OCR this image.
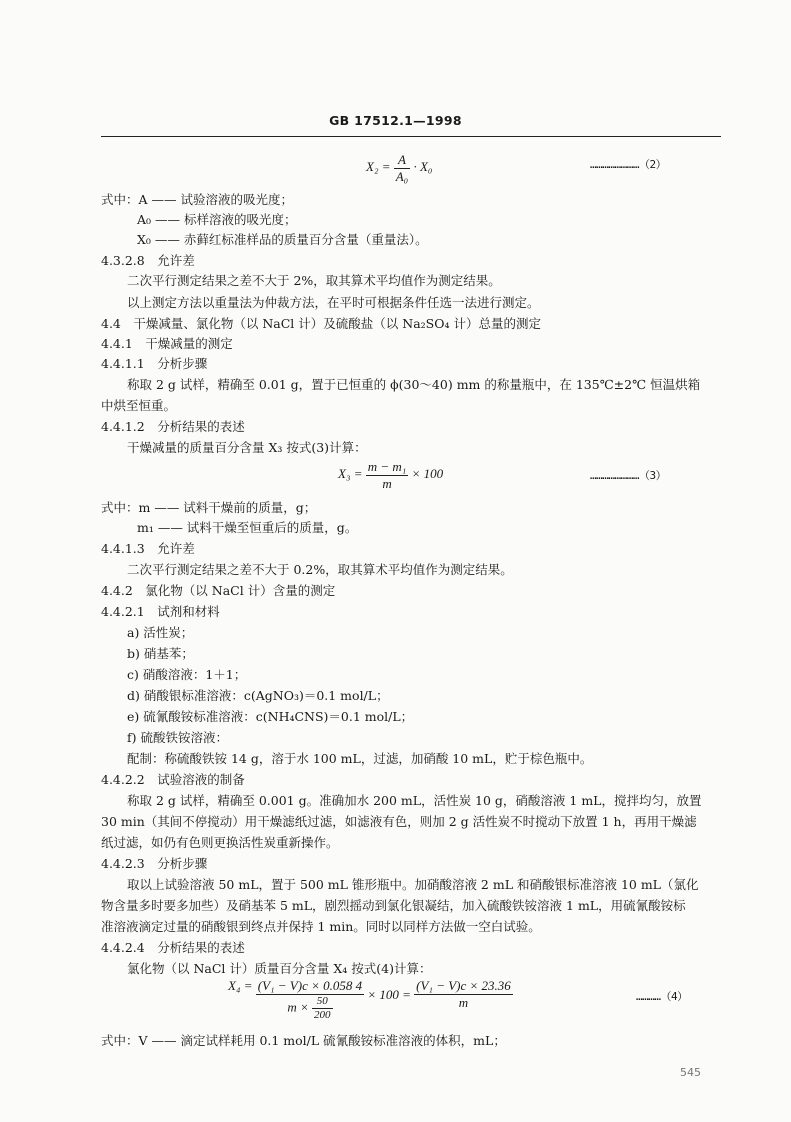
GB 17512.1—1998
$X_2 = \frac{A}{\text{A₀}} \cdot X_0$	……………………（2）
式中：A —— 试验溶液的吸光度；
A₀ —— 标样溶液的吸光度；
X₀ —— 赤藓红标准样品的质量百分含量（重量法）。
4.3.2.8　允许差
二次平行测定结果之差不大于 2%，取其算术平均值作为测定结果。
以上测定方法以重量法为仲裁方法，在平时可根据条件任选一法进行测定。
4.4　干燥减量、氯化物（以 NaCl 计）及硫酸盐（以 Na₂SO₄ 计）总量的测定
4.4.1　干燥减量的测定
4.4.1.1　分析步骤
称取 2 g 试样，精确至 0.01 g，置于已恒重的 ϕ(30～40) mm 的称量瓶中，在 135℃±2℃ 恒温烘箱
中烘至恒重。
4.4.1.2　分析结果的表述
干燥减量的质量百分含量 X₃ 按式(3)计算：
$X_3 = \frac{\text{m − m₁}}{m} \times 100$	……………………（3）
式中：m —— 试料干燥前的质量，g；
m₁ —— 试料干燥至恒重后的质量，g。
4.4.1.3　允许差
二次平行测定结果之差不大于 0.2%，取其算术平均值作为测定结果。
4.4.2　氯化物（以 NaCl 计）含量的测定
4.4.2.1　试剂和材料
a) 活性炭；
b) 硝基苯；
c) 硝酸溶液：1＋1；
d) 硝酸银标准溶液：c(AgNO₃)＝0.1 mol/L；
e) 硫氰酸铵标准溶液：c(NH₄CNS)＝0.1 mol/L；
f) 硫酸铁铵溶液：
配制：称硫酸铁铵 14 g，溶于水 100 mL，过滤，加硝酸 10 mL，贮于棕色瓶中。
4.4.2.2　试验溶液的制备
称取 2 g 试样，精确至 0.001 g。准确加水 200 mL，活性炭 10 g，硝酸溶液 1 mL，搅拌均匀，放置
30 min（其间不停搅动）用干燥滤纸过滤，如滤液有色，则加 2 g 活性炭不时搅动下放置 1 h，再用干燥滤
纸过滤，如仍有色则更换活性炭重新操作。
4.4.2.3　分析步骤
取以上试验溶液 50 mL，置于 500 mL 锥形瓶中。加硝酸溶液 2 mL 和硝酸银标准溶液 10 mL（氯化
物含量多时要多加些）及硝基苯 5 mL，剧烈摇动到氯化银凝结，加入硫酸铁铵溶液 1 mL，用硫氰酸铵标
准溶液滴定过量的硝酸银到终点并保持 1 min。同时以同样方法做一空白试验。
4.4.2.4　分析结果的表述
氯化物（以 NaCl 计）质量百分含量 X₄ 按式(4)计算：
$X_4 = \frac{\text{(V₁ − V)c × 0.058 4}}{m \times \frac{50}{200}} \times 100 = \frac{\text{(V₁ − V)c × 23.36}}{m}$	…………（4）
式中：V —— 滴定试样耗用 0.1 mol/L 硫氰酸铵标准溶液的体积，mL；
545
